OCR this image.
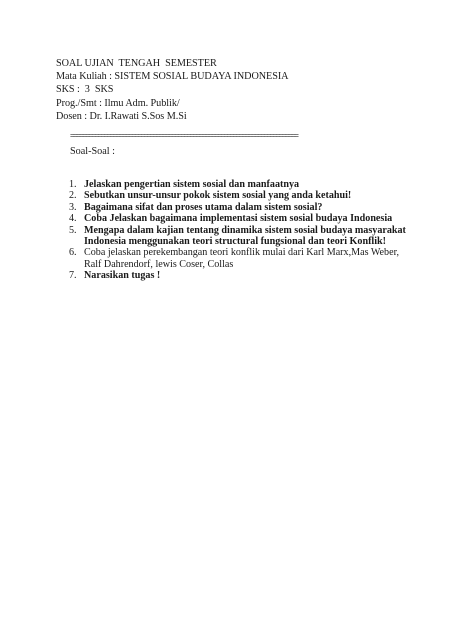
SOAL UJIAN  TENGAH  SEMESTER
Mata Kuliah : SISTEM SOSIAL BUDAYA INDONESIA
SKS :  3  SKS
Prog./Smt : Ilmu Adm. Publik/
Dosen : Dr. I.Rawati S.Sos M.Si
==========================================================================
Soal-Soal :
1. Jelaskan pengertian sistem sosial dan manfaatnya
2. Sebutkan unsur-unsur pokok sistem sosial yang anda ketahui!
3. Bagaimana sifat dan proses utama dalam sistem sosial?
4. Coba Jelaskan bagaimana implementasi sistem sosial budaya Indonesia
5. Mengapa dalam kajian tentang dinamika sistem sosial budaya masyarakat Indonesia menggunakan teori structural fungsional dan teori Konflik!
6. Coba jelaskan perekembangan teori konflik mulai dari Karl Marx,Mas Weber, Ralf Dahrendorf, lewis Coser, Collas
7. Narasikan tugas !
